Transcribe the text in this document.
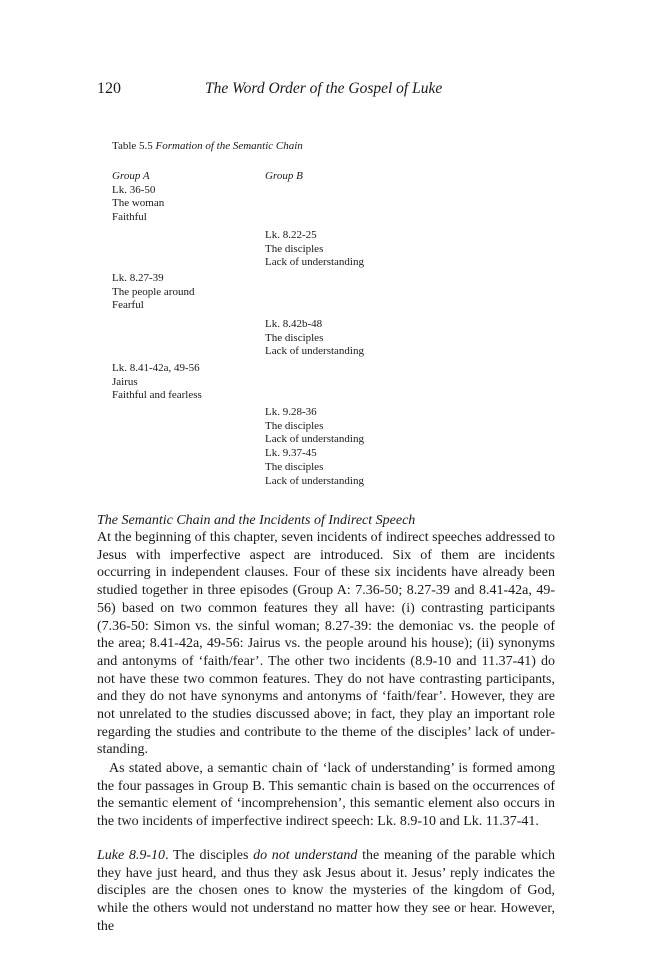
120	The Word Order of the Gospel of Luke
Table 5.5 Formation of the Semantic Chain
Group A
Lk. 36-50
The woman
Faithful
Group B
Lk. 8.22-25
The disciples
Lack of understanding
Lk. 8.27-39
The people around
Fearful
Lk. 8.42b-48
The disciples
Lack of understanding
Lk. 8.41-42a, 49-56
Jairus
Faithful and fearless
Lk. 9.28-36
The disciples
Lack of understanding
Lk. 9.37-45
The disciples
Lack of understanding
The Semantic Chain and the Incidents of Indirect Speech

At the beginning of this chapter, seven incidents of indirect speeches addressed to Jesus with imperfective aspect are introduced. Six of them are incidents occurring in independent clauses. Four of these six incidents have already been studied together in three episodes (Group A: 7.36-50; 8.27-39 and 8.41-42a, 49-56) based on two common features they all have: (i) contrasting participants (7.36-50: Simon vs. the sinful woman; 8.27-39: the demoniac vs. the people of the area; 8.41-42a, 49-56: Jairus vs. the people around his house); (ii) synonyms and antonyms of ‘faith/fear’. The other two incidents (8.9-10 and 11.37-41) do not have these two common features. They do not have contrasting participants, and they do not have synonyms and antonyms of ‘faith/fear’. However, they are not unrelated to the studies discussed above; in fact, they play an important role regarding the studies and contribute to the theme of the disciples’ lack of under-standing.

As stated above, a semantic chain of ‘lack of understanding’ is formed among the four passages in Group B. This semantic chain is based on the occurrences of the semantic element of ‘incomprehension’, this semantic element also occurs in the two incidents of imperfective indirect speech: Lk. 8.9-10 and Lk. 11.37-41.

Luke 8.9-10. The disciples do not understand the meaning of the parable which they have just heard, and thus they ask Jesus about it. Jesus’ reply indicates the disciples are the chosen ones to know the mysteries of the kingdom of God, while the others would not understand no matter how they see or hear. However, the
